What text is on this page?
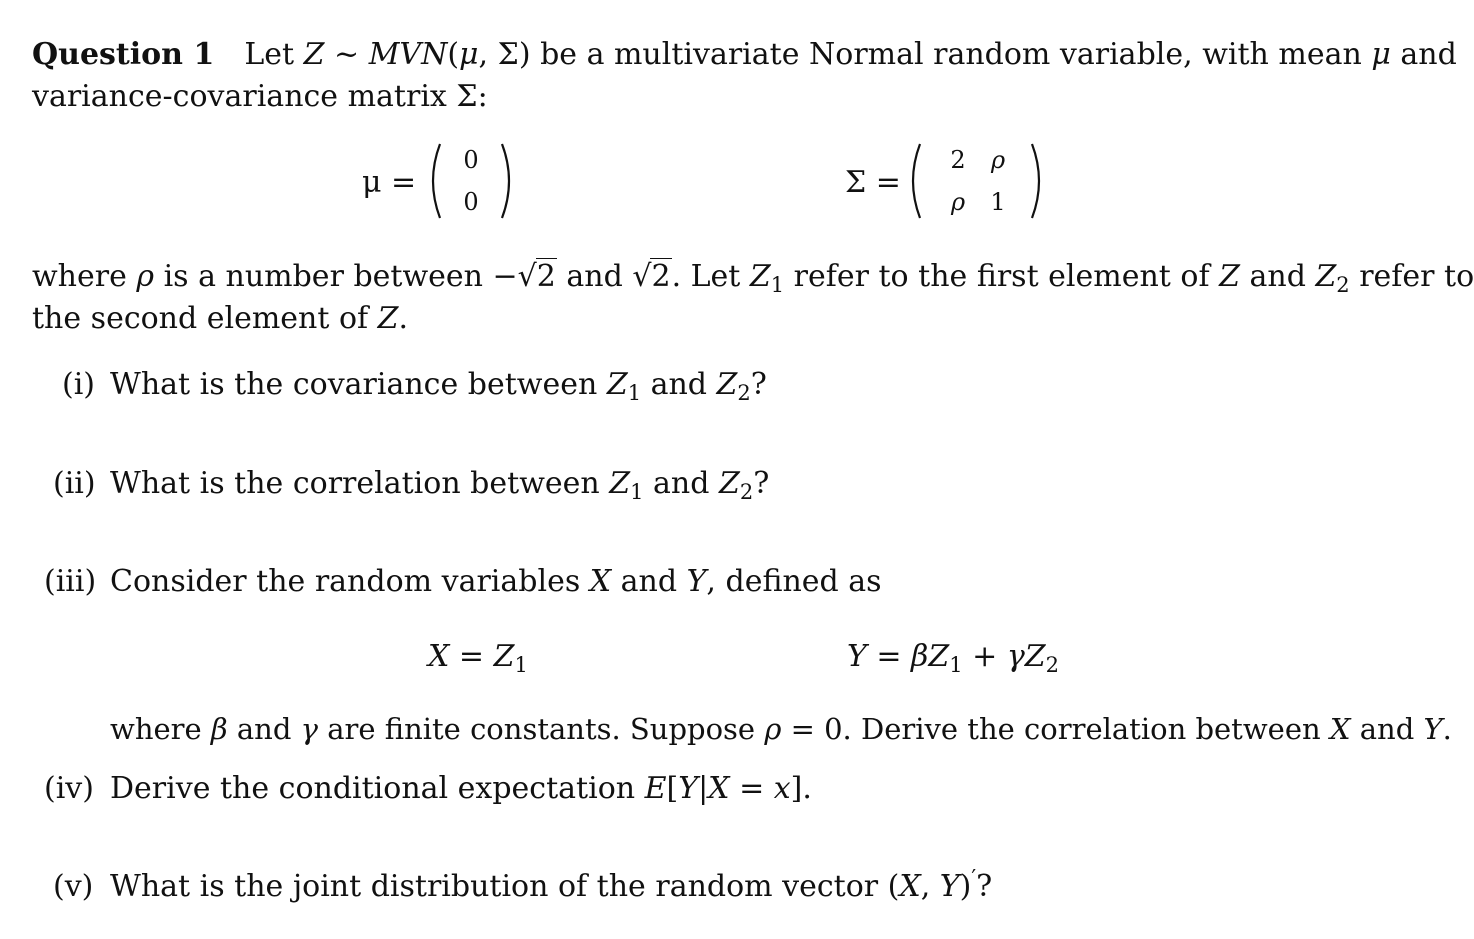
Question 1 Let Z ~ MVN(μ, Σ) be a multivariate Normal random variable, with mean μ and
variance-covariance matrix Σ:
μ =
0
0
Σ =
2	ρ
ρ	1
where ρ is a number between −√2 and √2. Let $Z_1$ refer to the first element of Z and $Z_2$ refer to
the second element of Z.
(i) What is the covariance between $Z_1$ and $Z_2$?
(ii) What is the correlation between $Z_1$ and $Z_2$?
(iii) Consider the random variables X and Y, defined as
$X = Z_1$	$Y = \beta Z_1 + \gamma Z_2$
where β and γ are finite constants. Suppose ρ = 0. Derive the correlation between X and Y.
(iv) Derive the conditional expectation E[Y|X = x].
(v) What is the joint distribution of the random vector (X, Y)′?
